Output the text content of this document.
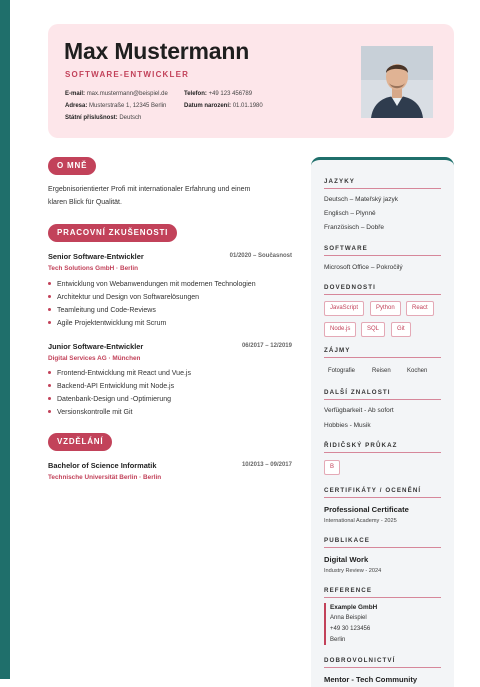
Max Mustermann
SOFTWARE-ENTWICKLER
E-mail: max.mustermann@beispiel.de	Telefon: +49 123 456789
Adresa: Musterstraße 1, 12345 Berlin	Datum narození: 01.01.1980
Státní příslušnost: Deutsch
O MNĚ
Ergebnisorientierter Profi mit internationaler Erfahrung und einem
klaren Blick für Qualität.
PRACOVNÍ ZKUŠENOSTI
Senior Software-Entwickler	01/2020 – Současnost
Tech Solutions GmbH · Berlin
Entwicklung von Webanwendungen mit modernen Technologien
Architektur und Design von Softwarelösungen
Teamleitung und Code-Reviews
Agile Projektentwicklung mit Scrum
Junior Software-Entwickler	06/2017 – 12/2019
Digital Services AG · München
Frontend-Entwicklung mit React und Vue.js
Backend-API Entwicklung mit Node.js
Datenbank-Design und -Optimierung
Versionskontrolle mit Git
VZDĚLÁNÍ
Bachelor of Science Informatik	10/2013 – 09/2017
Technische Universität Berlin · Berlin
JAZYKY
Deutsch – Mateřský jazyk
Englisch – Plynně
Französisch – Dobře
SOFTWARE
Microsoft Office – Pokročilý
DOVEDNOSTI
JavaScript	Python	React
Node.js	SQL	Git
ZÁJMY
Fotografie	Reisen	Kochen
DALŠÍ ZNALOSTI
Verfügbarkeit - Ab sofort
Hobbies - Musik
ŘIDIČSKÝ PRŮKAZ
B
CERTIFIKÁTY / OCENĚNÍ
Professional Certificate
International Academy - 2025
PUBLIKACE
Digital Work
Industry Review - 2024
REFERENCE
Example GmbH
Anna Beispiel
+49 30 123456
Berlin
DOBROVOLNICTVÍ
Mentor - Tech Community
